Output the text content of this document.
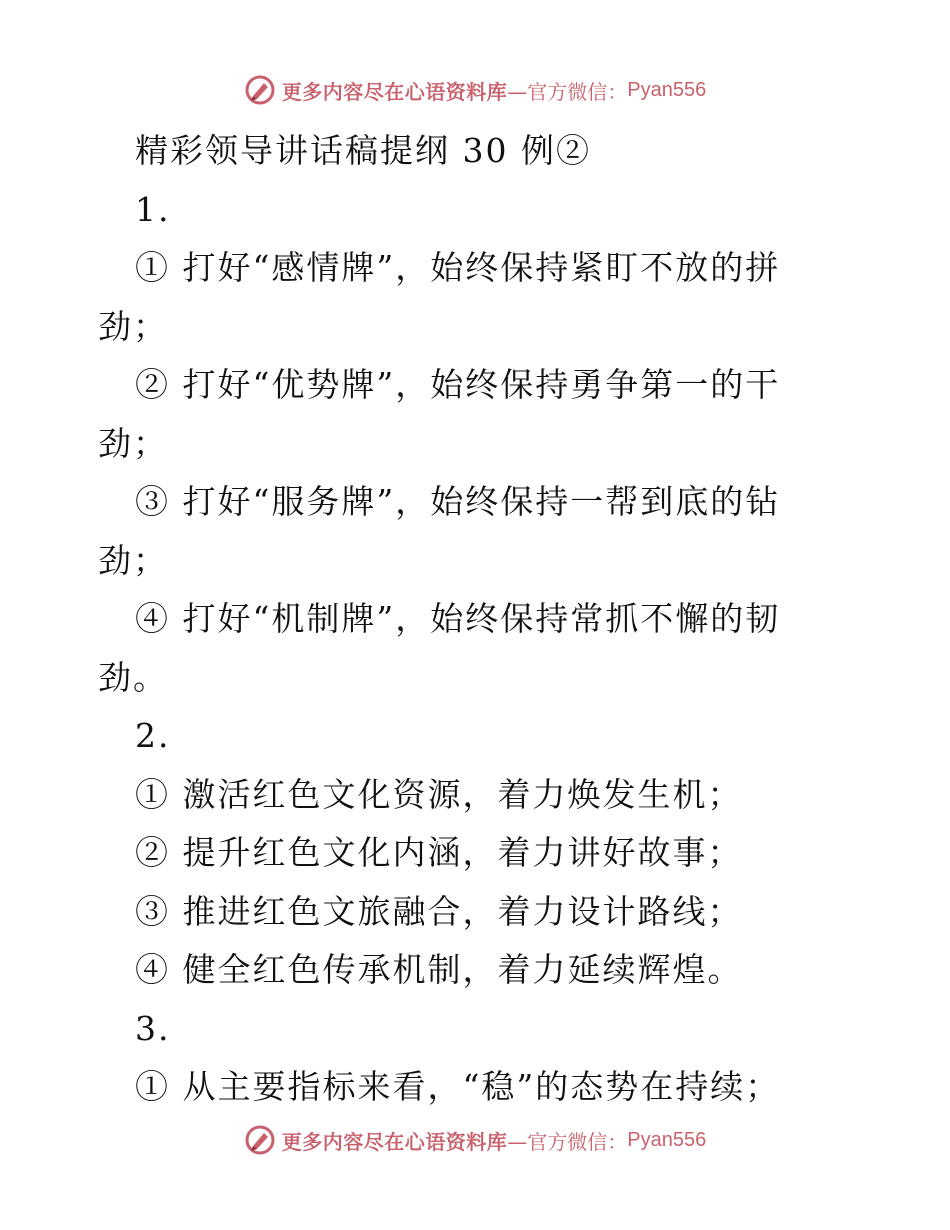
更多内容尽在心语资料库 —官方微信： Pyan556
精彩领导讲话稿提纲 30 例②
1.
① 打好“感情牌”，始终保持紧盯不放的拼
劲；
② 打好“优势牌”，始终保持勇争第一的干
劲；
③ 打好“服务牌”，始终保持一帮到底的钻
劲；
④ 打好“机制牌”，始终保持常抓不懈的韧
劲。
2.
① 激活红色文化资源，着力焕发生机；
② 提升红色文化内涵，着力讲好故事；
③ 推进红色文旅融合，着力设计路线；
④ 健全红色传承机制，着力延续辉煌。
3.
① 从主要指标来看，“稳”的态势在持续；
更多内容尽在心语资料库 —官方微信： Pyan556
